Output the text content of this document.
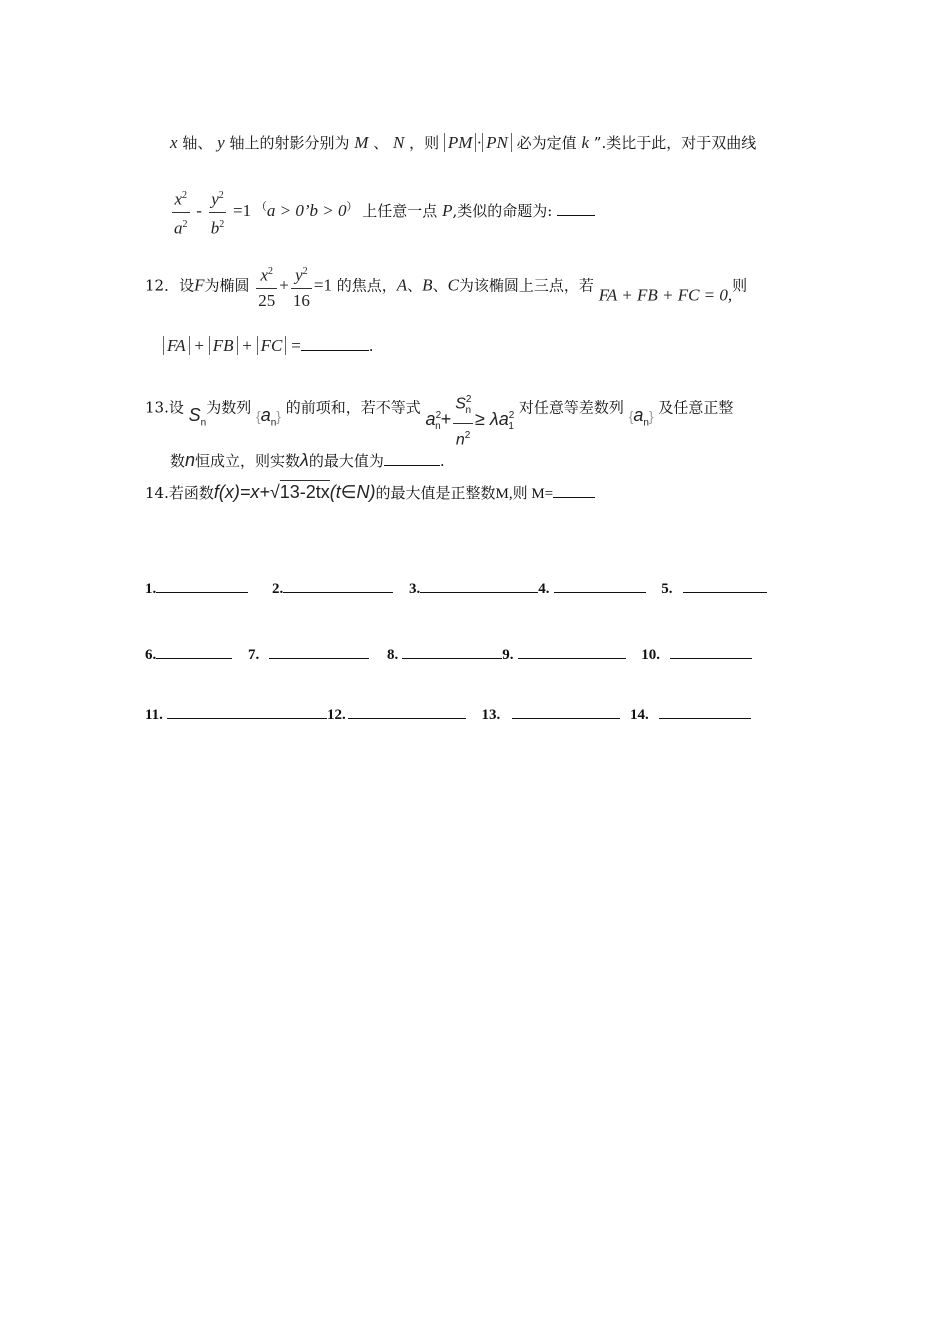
x 轴、 y 轴上的射影分别为 M 、 N ，则 PM · PN 必为定值 k ”.类比于此，对于双曲线
$\frac{x^2}{a^2} - \frac{y^2}{b^2} =1$ （a > 0’b > 0） 上任意一点 P,类似的命题为:
12．设F为椭圆 $\frac{x^2}{25} + \frac{y^2}{16} =1$ 的焦点，A、B、C为该椭圆上三点，若 FA + FB + FC = 0,则
FA + FB + FC =	.
13.设 $S_n$为数列 $\{a_n\}$ 的前项和，若不等式 $a^2_n+ \frac{S^2_n}{n^2} \ge \lambda a^2_1$ 对任意等差数列 $\{a_n\}$ 及任意正整
数n恒成立，则实数λ的最大值为	.
14.若函数f(x)=x+√13-2tx(t∈N)的最大值是正整数M,则 M=
1.	2.	3.	4.	5.
6.	7.	8.	9.	10.
11.	12.	13.	14.
